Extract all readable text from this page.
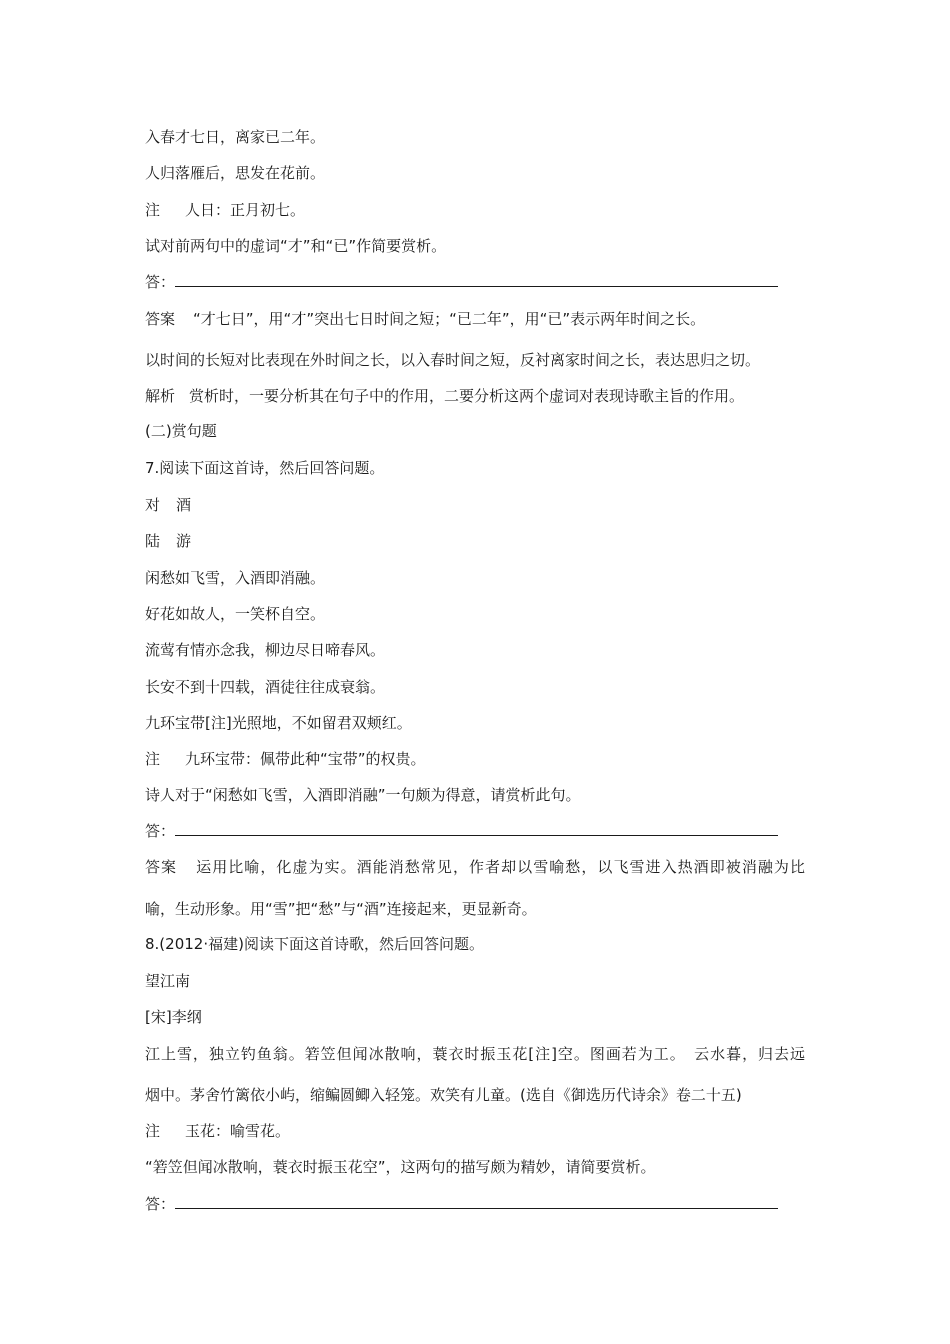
入春才七日，离家已二年。
人归落雁后，思发在花前。
注 人日：正月初七。
试对前两句中的虚词“才”和“已”作简要赏析。
答：
答案 “才七日”，用“才”突出七日时间之短；“已二年”，用“已”表示两年时间之长。
以时间的长短对比表现在外时间之长，以入春时间之短，反衬离家时间之长，表达思归之切。
解析 赏析时，一要分析其在句子中的作用，二要分析这两个虚词对表现诗歌主旨的作用。
(二)赏句题
7.阅读下面这首诗，然后回答问题。
对 酒
陆 游
闲愁如飞雪，入酒即消融。
好花如故人，一笑杯自空。
流莺有情亦念我，柳边尽日啼春风。
长安不到十四载，酒徒往往成衰翁。
九环宝带[注]光照地，不如留君双颊红。
注 九环宝带：佩带此种“宝带”的权贵。
诗人对于“闲愁如飞雪，入酒即消融”一句颇为得意，请赏析此句。
答：
答案 运用比喻，化虚为实。酒能消愁常见，作者却以雪喻愁，以飞雪进入热酒即被消融为比
喻，生动形象。用“雪”把“愁”与“酒”连接起来，更显新奇。
8.(2012·福建)阅读下面这首诗歌，然后回答问题。
望江南
[宋]李纲
江上雪，独立钓鱼翁。箬笠但闻冰散响，蓑衣时振玉花[注]空。图画若为工。　云水暮，归去远
烟中。茅舍竹篱依小屿，缩鳊圆鲫入轻笼。欢笑有儿童。(选自《御选历代诗余》卷二十五)
注 玉花：喻雪花。
“箬笠但闻冰散响，蓑衣时振玉花空”，这两句的描写颇为精妙，请简要赏析。
答：
